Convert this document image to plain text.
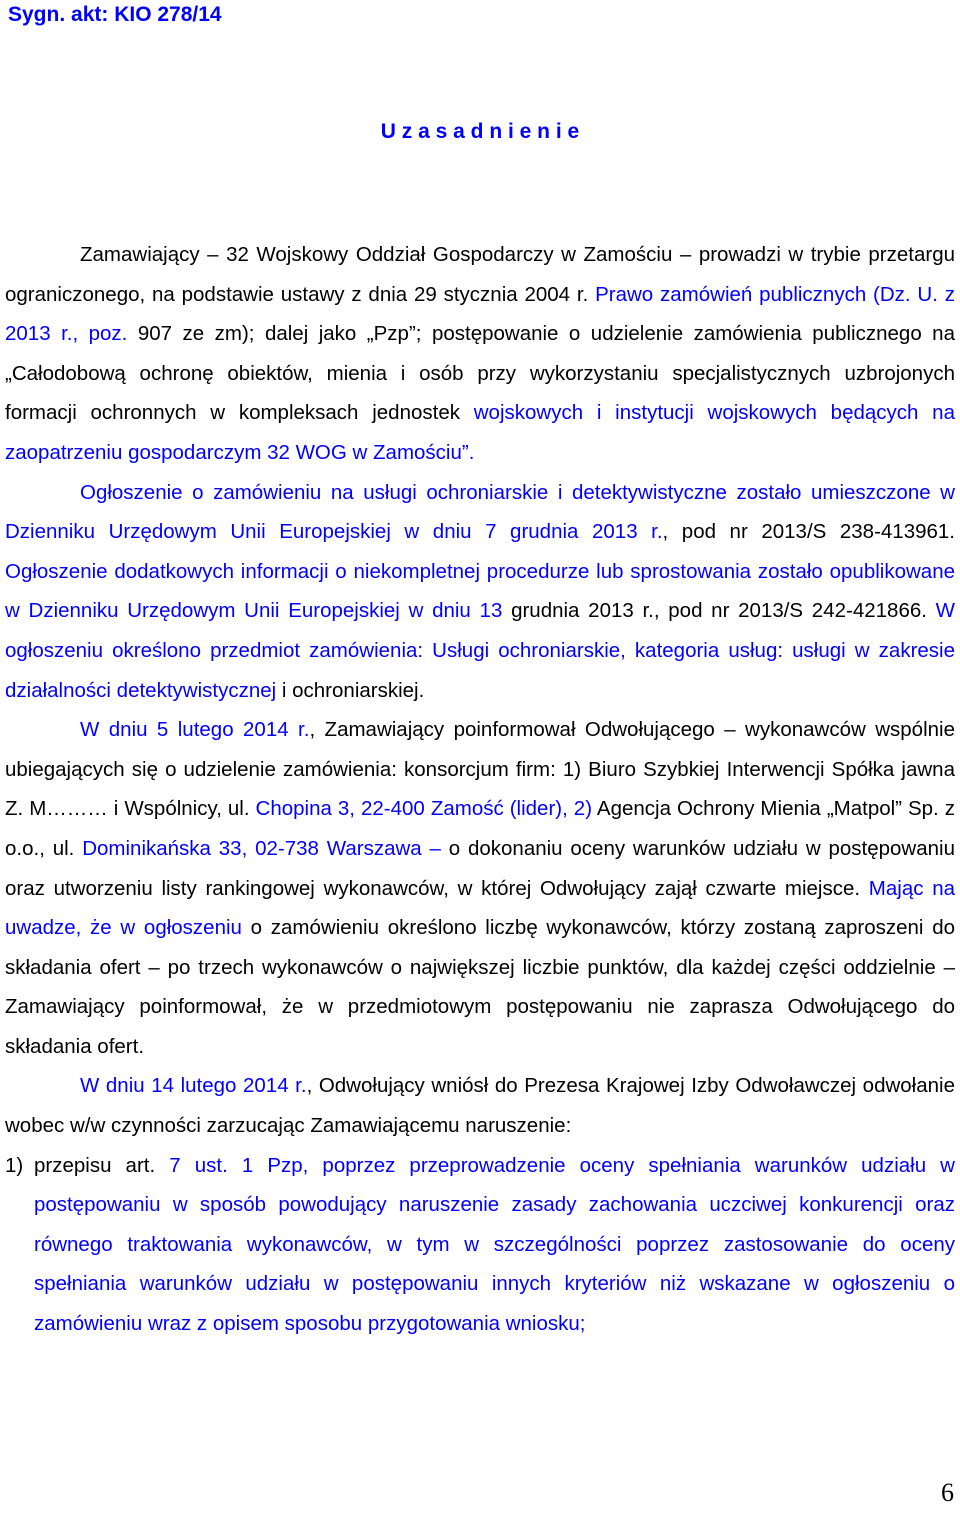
Sygn. akt: KIO 278/14
U z a s a d n i e n i e

Zamawiający – 32 Wojskowy Oddział Gospodarczy w Zamościu – prowadzi w trybie przetargu ograniczonego, na podstawie ustawy z dnia 29 stycznia 2004 r. Prawo zamówień publicznych (Dz. U. z 2013 r., poz. 907 ze zm); dalej jako „Pzp”; postępowanie o udzielenie zamówienia publicznego na „Całodobową ochronę obiektów, mienia i osób przy wykorzystaniu specjalistycznych uzbrojonych formacji ochronnych w kompleksach jednostek wojskowych i instytucji wojskowych będących na zaopatrzeniu gospodarczym 32 WOG w Zamościu”.

Ogłoszenie o zamówieniu na usługi ochroniarskie i detektywistyczne zostało umieszczone w Dzienniku Urzędowym Unii Europejskiej w dniu 7 grudnia 2013 r., pod nr 2013/S 238-413961. Ogłoszenie dodatkowych informacji o niekompletnej procedurze lub sprostowania zostało opublikowane w Dzienniku Urzędowym Unii Europejskiej w dniu 13 grudnia 2013 r., pod nr 2013/S 242-421866. W ogłoszeniu określono przedmiot zamówienia: Usługi ochroniarskie, kategoria usług: usługi w zakresie działalności detektywistycznej i ochroniarskiej.

W dniu 5 lutego 2014 r., Zamawiający poinformował Odwołującego – wykonawców wspólnie ubiegających się o udzielenie zamówienia: konsorcjum firm: 1) Biuro Szybkiej Interwencji Spółka jawna Z. M……… i Wspólnicy, ul. Chopina 3, 22-400 Zamość (lider), 2) Agencja Ochrony Mienia „Matpol” Sp. z o.o., ul. Dominikańska 33, 02-738 Warszawa – o dokonaniu oceny warunków udziału w postępowaniu oraz utworzeniu listy rankingowej wykonawców, w której Odwołujący zajął czwarte miejsce. Mając na uwadze, że w ogłoszeniu o zamówieniu określono liczbę wykonawców, którzy zostaną zaproszeni do składania ofert – po trzech wykonawców o największej liczbie punktów, dla każdej części oddzielnie – Zamawiający poinformował, że w przedmiotowym postępowaniu nie zaprasza Odwołującego do składania ofert.

W dniu 14 lutego 2014 r., Odwołujący wniósł do Prezesa Krajowej Izby Odwoławczej odwołanie wobec w/w czynności zarzucając Zamawiającemu naruszenie:

1) przepisu art. 7 ust. 1 Pzp, poprzez przeprowadzenie oceny spełniania warunków udziału w postępowaniu w sposób powodujący naruszenie zasady zachowania uczciwej konkurencji oraz równego traktowania wykonawców, w tym w szczególności poprzez zastosowanie do oceny spełniania warunków udziału w postępowaniu innych kryteriów niż wskazane w ogłoszeniu o zamówieniu wraz z opisem sposobu przygotowania wniosku;
6
